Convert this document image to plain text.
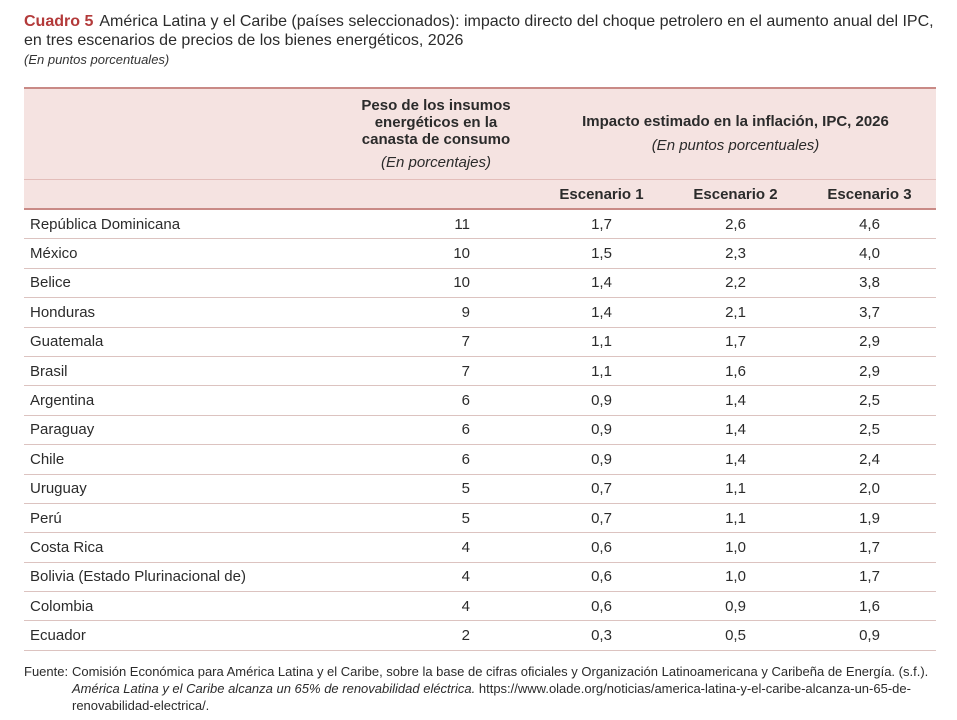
Cuadro 5 América Latina y el Caribe (países seleccionados): impacto directo del choque petrolero en el aumento anual del IPC, en tres escenarios de precios de los bienes energéticos, 2026
(En puntos porcentuales)

	Peso de los insumos energéticos en la canasta de consumo
(En porcentajes)	Impacto estimado en la inflación, IPC, 2026
(En puntos porcentuales)		

		Escenario 1	Escenario 2	Escenario 3
República Dominicana	11	1,7	2,6	4,6
México	10	1,5	2,3	4,0
Belice	10	1,4	2,2	3,8
Honduras	9	1,4	2,1	3,7
Guatemala	7	1,1	1,7	2,9
Brasil	7	1,1	1,6	2,9
Argentina	6	0,9	1,4	2,5
Paraguay	6	0,9	1,4	2,5
Chile	6	0,9	1,4	2,4
Uruguay	5	0,7	1,1	2,0
Perú	5	0,7	1,1	1,9
Costa Rica	4	0,6	1,0	1,7
Bolivia (Estado Plurinacional de)	4	0,6	1,0	1,7
Colombia	4	0,6	0,9	1,6
Ecuador	2	0,3	0,5	0,9
Fuente: Comisión Económica para América Latina y el Caribe, sobre la base de cifras oficiales y Organización Latinoamericana y Caribeña de Energía. (s.f.). América Latina y el Caribe alcanza un 65% de renovabilidad eléctrica. https://www.olade.org/noticias/america-latina-y-el-caribe-alcanza-un-65-de-renovabilidad-electrica/.
